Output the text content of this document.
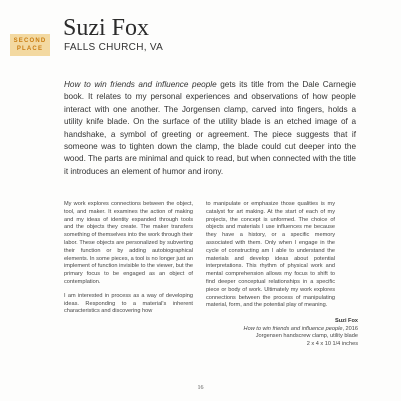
SECOND
PLACE
Suzi Fox
FALLS CHURCH, VA

How to win friends and influence people gets its title from the Dale Carnegie book. It relates to my personal experiences and observations of how people interact with one another. The Jorgensen clamp, carved into fingers, holds a utility knife blade. On the surface of the utility blade is an etched image of a handshake, a symbol of greeting or agreement. The piece suggests that if someone was to tighten down the clamp, the blade could cut deeper into the wood. The parts are minimal and quick to read, but when connected with the title it introduces an element of humor and irony.

My work explores connections between the object, tool, and maker. It examines the action of making and my ideas of identity expanded through tools and the objects they create. The maker transfers something of themselves into the work through their labor. These objects are personalized by subverting their function or by adding autobiographical elements. In some pieces, a tool is no longer just an implement of function invisible to the viewer, but the primary focus to be engaged as an object of contemplation.

I am interested in process as a way of developing ideas. Responding to a material's inherent characteristics and discovering how

to manipulate or emphasize those qualities is my catalyst for art making. At the start of each of my projects, the concept is unformed. The choice of objects and materials I use influences me because they have a history, or a specific memory associated with them. Only when I engage in the cycle of constructing am I able to understand the materials and develop ideas about potential interpretations. This rhythm of physical work and mental comprehension allows my focus to shift to find deeper conceptual relationships in a specific piece or body of work. Ultimately my work explores connections between the process of manipulating material, form, and the potential play of meaning.

Suzi Fox
How to win friends and influence people, 2016
Jorgensen handscrew clamp, utility blade
2 x 4 x 10 1/4 inches
16
